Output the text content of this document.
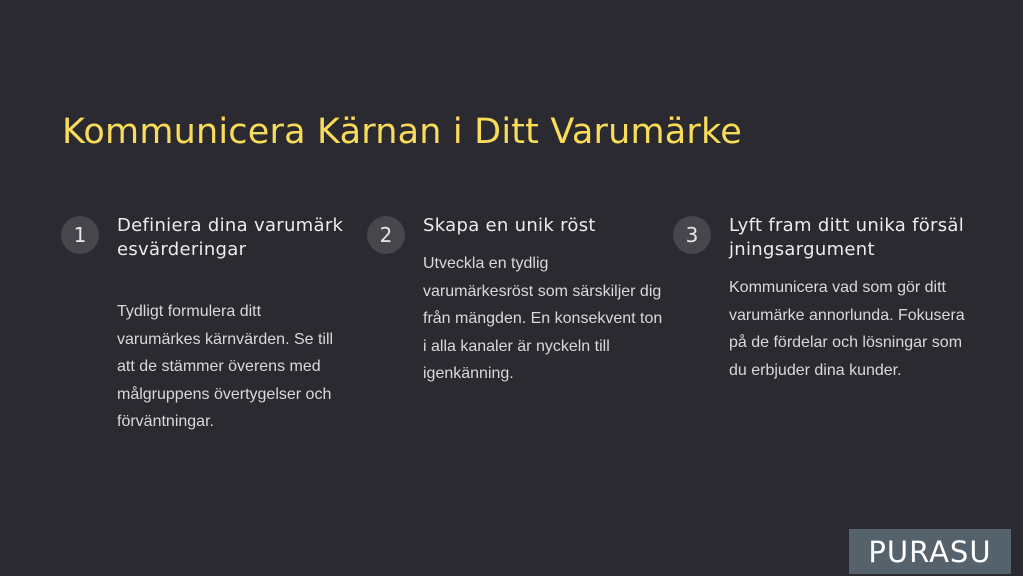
Kommunicera Kärnan i Ditt Varumärke
1	Definiera dina varumärkesvärderingar

Tydligt formulera ditt varumärkes kärnvärden. Se till att de stämmer överens med målgruppens övertygelser och förväntningar.

2	Skapa en unik röst

Utveckla en tydlig varumärkesröst som särskiljer dig från mängden. En konsekvent ton i alla kanaler är nyckeln till igenkänning.

3	Lyft fram ditt unika försäljningsargument

Kommunicera vad som gör ditt varumärke annorlunda. Fokusera på de fördelar och lösningar som du erbjuder dina kunder.

PURASU
